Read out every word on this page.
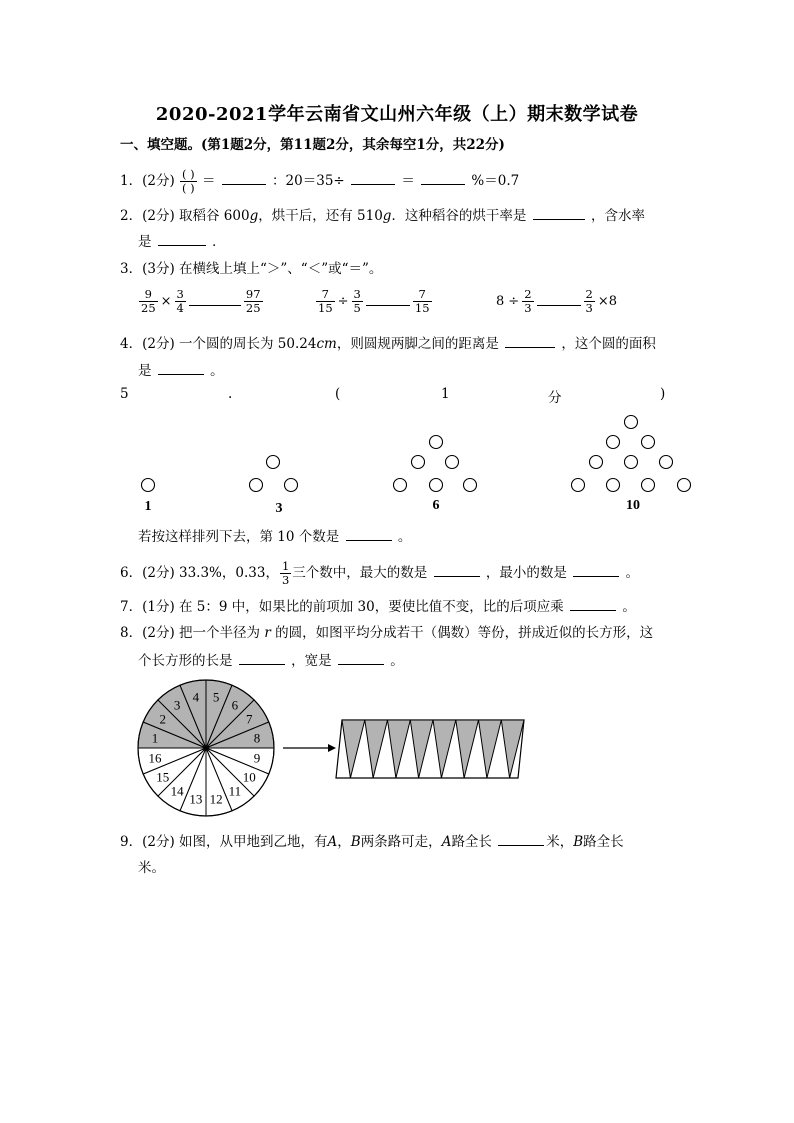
2020-2021学年云南省文山州六年级（上）期末数学试卷
一、填空题。(第1题2分，第11题2分，其余每空1分，共22分)
1．(2分) $\frac{( )}{( )}$ ＝	：20＝35÷	＝	%＝0.7
2．(2分) 取稻谷 600g，烘干后，还有 510g．这种稻谷的烘干率是	，含水率
是	．
3．(3分) 在横线上填上“＞”、“＜”或“＝”。
$\frac{9}{25} \times \frac{3}{4}$	$\frac{97}{25}$	$\frac{7}{15} \div \frac{3}{5}$	$\frac{7}{15}$	$8 \div \frac{2}{3}$	$\frac{2}{3} \times 8$
4．(2分) 一个圆的周长为 50.24cm，则圆规两脚之间的距离是	，这个圆的面积
是	。
5	.	(	1	分	)
1	3	6	10
若按这样排列下去，第 10 个数是	。
6．(2分) 33.3%，0.33， $\frac{1}{3}$ 三个数中，最大的数是	，最小的数是	。
7．(1分) 在 5：9 中，如果比的前项加 30，要使比值不变，比的后项应乘	。
8．(2分) 把一个半径为 r 的圆，如图平均分成若干（偶数）等份，拼成近似的长方形，这
个长方形的长是	，宽是	。
1
2
3
4 5
6
7
8
9
10
11
12
13
14
15
16
9．(2分) 如图，从甲地到乙地，有A，B两条路可走，A路全长	米，B路全长
米。
